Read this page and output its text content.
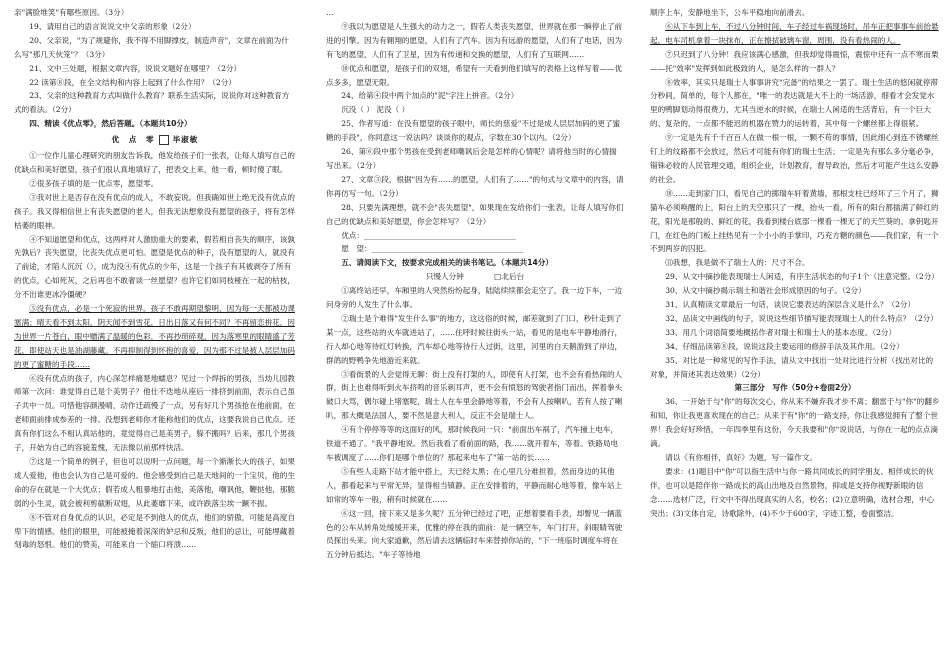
亲"满脸堆笑"有哪些原因。（3分）

19、请用自己的语言说说文中父亲的形象（2分）

20、父亲说，"为了规避你，我不得不用脚撑皮，制造声音"，文章在前面为什么写"那几天伙笼"？（3分）

21、文中三处题，根据文章内容，说说文题好在哪里？（2分）

22 读第⑧段，在全文结构和内容上起到了什么作用？（2分）

23、父亲的这种教育方式叫做什么教育？联系生活实际，说说你对这种教育方式的看法。（2分）

四、精读《优点零》，然后答题。（本题共10分）

优　点　零 毕淑敏

①一位作儿童心理研究的朋友告诉我，他发给孩子们一张表，让每人填写自己的优缺点和美好愿望，孩子们很认真地填好了，把表交上来，他一看，顿时傻了眼。

②很多孩子填的是一优点零，愿望零。

③我对世上是否存在没有优点的成人，不敢妄说。但我确知世上绝无没有优点的孩子。我又得相信世上有丧失愿望的老人，但我无法想象没有愿望的孩子，将有怎样枯萎的眼神。

④不知道愿望和优点，这两样对人激励重大的要素，假若相自丧失的顺序，该孰先孰后？丧失愿望，比丧失优点更可怕。愿望是优点的种子，没有愿望的人，就没有了前途，才陷人沉沉（），成为没④有优点的少年，这是一个孩子有其被剥夺了所有的优点，心如死灰，之后再也不敢奢谈一丝愿望？也许它们如同枝桠在一起的枯枝，分不出谁更冰冷僵硬？

⑤没有优点，必是一个死寂的世界。孩子不敢再期望黎明，因为每一天都被功课塞满；晴天看不到太阳，阴天闻不到雪花，日出日落又有何不同？不再留恋拼花，因为世界一片苍白，眼中赠满了温暖的色彩，不再抄琐碎观，因为落寒里的眼睛盛了芳花，即使站天也是油湖藤藏。不再抑制得到怀抱的喜爱，因为那不过是被人层层加码的更了蜜糖的手段……

⑥没有优点的孩子，内心深怎样痛楚地蠕息？见过一个焊拆的男孩，当劫儿园教师第一次问：谁觉得自己是个美男子？他仕不迭地从座后一排挤到前面，表示自己虽子共中一员。可惜他容颜漫晴，动作迁疏慢了一点，另有好几个男孩抢在他前面，在老师面前排成参差的一排。没想到老师你才能称他们的优点，这要我说自己优点。还真有你们这么不相认真站他的，竟觉得自己是美男子，躲不搬吗？后来，那几个男孩子，开始为自己的容貌羞愧，无法像以前那样快活。

⑦这是一个简单的例子，但也可以说明一点问题，每一个渐渐长大的孩子，如果成人爱他，他也会认为自己是可爱的。他会感受到自己是天地间的一个宝贝，他的生命的存在就是一个大优点；假若成人粗暴地打击他，美落他，嘲讽他，鞭挞他，那脆弱的小生灵，就会被利剪截断双翅，从此萎靡下来，或许跌落尘埃一蹶不振。

⑧不管对自身优点的认识，必定是不到他人的优点，他们的骄傲，可能是高度自卑下的情感。他们的眼里，可能被掩着深深的妒忌和反叛，他们的忌让，可能埋藏着刻毒的怒恨。他们的赞美，可能来自一个缩口将溃……

…

⑨我以为愿望是人生强大的动力之一，假若人类丧失愿望，世界就在那一瞬停止了前进的引擎。因为有翱翔的愿望，人们有了汽车。因为有远游的愿望，人们有了电话，因为有飞的愿望，人们有了卫星，因为有传递和交换的愿望，人们有了互联网……

⑩优点和愿望，是孩子们的双翅，希望有一天看到他们填写的表格上这样写着——优点多多，愿望无限。

24、给第④段中两个加点的"泥"字注上拼音。（2分）

沉没（ ） 泥没（ ）

25、作者写道：在没有愿望的孩子眼中，师长的慈爱"不过是成人层层加码的更了蜜糖的手段"，你同意这一说法吗？谈谈你的观点，字数在30个以内。（2分）

26、第⑥段中那个男孩在受到老师嘲讽后会是怎样的心情呢？请将他当时的心情揣写出来。（2分）

27、文章③段，根据"因为有……的愿望，人们有了……"的句式与文章中的内容，请你再仿写一句。（2分）

28、只要先满理想，就不会"丧失愿望"，如果现在发给你们一张表，让每人填写你们自己的优缺点和美好愿望，你会怎样写？（2分）

优点：________________________________________

愿　望：________________________________________

五、请阅读下文，按要求完成相关的读书笔记。（本题共14分）

只慢人分钟　　　　□北后台

①离终站还早，车厢里的人突然纷纷起身，陆陆续续都会走空了，我一边下车，一边问身旁的人发生了什么事。

②瑞士是个难得"发生什么事"的地方，这这俗的时候，邮差就到了门口，秒针走到了某一点，这些站的火车就进站了，……住呼时候往街头一站，看见的是电车平静地滑行，行人却心地等待红灯转换，汽车却心地等待行人过街，这里，河里的白天鹅游到了岸边，群鸽的野鸭争先地游近来就。

③看街景的人会觉得无聊：街上没有打架的人，即使有人打架，也不会有看热闹的人群，街上也难得听到火车挤鸣的音乐刺耳声，更不会有愤怒的驾驶者指门而出，挥着拳头破口大骂，偶尔碰上堵塞呢，瑞士人在车里会静地等着，不会有人按喇叭，若有人按了喇叭，那大概是法国人，要不然是意大利人，反正不会是瑞士人。

④有个停停等等的这面好的风，那时候我问一只："前面出车祸了，汽车撞上电车，铁道不通了。"我平静地说。然后我看了看前面的路，我……就开着车，等着。铁路局电车被调度了……你们是哪个单位的？那起来电车了"第一站的长……

⑤有些人走路下站才能中搭上，天已经太黑；在心里几分难担着，然而身边的其他人，都看起来与平常无异，显得相当镇静。正在安排着的，平静而耐心地等着，像车站上如常的等车一般，稍有时候就在……

⑥这一回，接下来又是多久呢？五分钟已经过了吧，正想着要看手表，却瞥见一辆蓝色的公车从转角处缓缓开来，优雅的停在我的面前：是一辆空车，车门打开，斜眼睛驾驶员探出头来。向大家道歉，然后请去这辆临时车来替掉你站的，"下一班临时调度车将在五分钟后抵达。"车子等待地

顺序上车，安静地坐下，公车平稳地向前滑去。

⑥从下车到上车，不过八分钟时间，车子经过车祸现场时，吊车正把事事车前抬悬起，电车司机拿着一块抹布，正在擦拭破璃车窗，周围，没有看热闹的人。

⑦只迟到了八分钟！我应该满心感激，但我却觉得震惊，震惊中还有一点不寒而栗——托"效率"发挥到如此极致的人，是怎么样的一群人？

⑧效率，其实只是瑞士人事事讲究"完备"的结果之一罢了。瑞士生活的悠闲就停滞分秒间，简单的，每个人都在，"唯一的表达就是大不上的一场活游，细看才会发觉水里的鸭脚划动得很费力，尤其当逆水的时候，在瑞士人闲适的生活背后，有一个巨大的、复杂的、一点都不能迟的机器在赞力的运转着，其中每一个螺丝都上得很紧。

⑨一定是先有千千百百人在做一根一根，一颗不苟的事情，因此细心到连不锈螺丝钉上的纹路都不会放过，然后才可能有你们的瑞士生活；一定是先有那么多分毫必争，锱铢必较的人民管理交通，组织企业，计划教育，督导政治，然后才可能产生这么安静的社会。

⑩……走到家门口，看见自己的掷瑞车轩着黄墙，那根支柱已经坏了三个月了，狮猫车必须唤醒的上，阳台上的天空那只了一棵，抬头一看，所有的阳台都插满了鲜红的花，阳光是那般的、鲜红的花，我看到楼台底部一棵看一棵无了的天竺葵的。拿钥匙开门，在红色的门板上挂热见有一个小小的手掌印，巧充方糖的颜色——我们家，有一个不到两岁的囚犯。

⑾我想，我是做不了瑞士人的：尺寸不合。

29、从文中摘抄能表现瑞士人闲适，有序生活状态的句子1个（注意完整。（2分）

30、从文中摘抄揭示瑞士和谐社会形成原因的句子。（2分）

31、认真精读文章最后一句话，谈说它要表达的深层含义是什么？（2分）

32、品读文中画线的句子，说说这些细节描写能表现瑞士人的什么特点？（2分）

33、用几个词语简要地概括作者对瑞士和瑞士人的基本态度。（2分）

34、仔细品读第⑧段，说说这段主要运用的修辞手法及其作用。（2分）

35、对比是一种常见的写作手法，请从文中找出一处对比进行分析（找出对比的对象，并简述其表达效果）（2分）

第三部分　写作（50分+卷面2分）

36、一开始于与"你"的每次交心，你从来不嫌弃我才步不离；翻雷于与"你"的翻乡和知，你让我更喜欢现在的自己；从来于有"你"的一路支持，你让我感觉拥有了整个世界！我会好好珍惜，一年四季里有这份，今天我要和"你"说说话，与你在一起的点点滴滴。

请以《有你相伴，真好》为题，写一篇作文。

要求：(1)题目中"你"可以指生活中与你一路共同成长的同学朋友、相伴成长的伙伴，也可以是陪伴你一路成长的高山出地及自然景物，抑或是支持你视野新眼的信念……选材广泛，行文中不得出现真实的人名，校名；(2)立意明确，选材合理，中心突出；(3)文体自定，诗歌除外，(4)不少于600字，字迹工整，卷面整洁。
